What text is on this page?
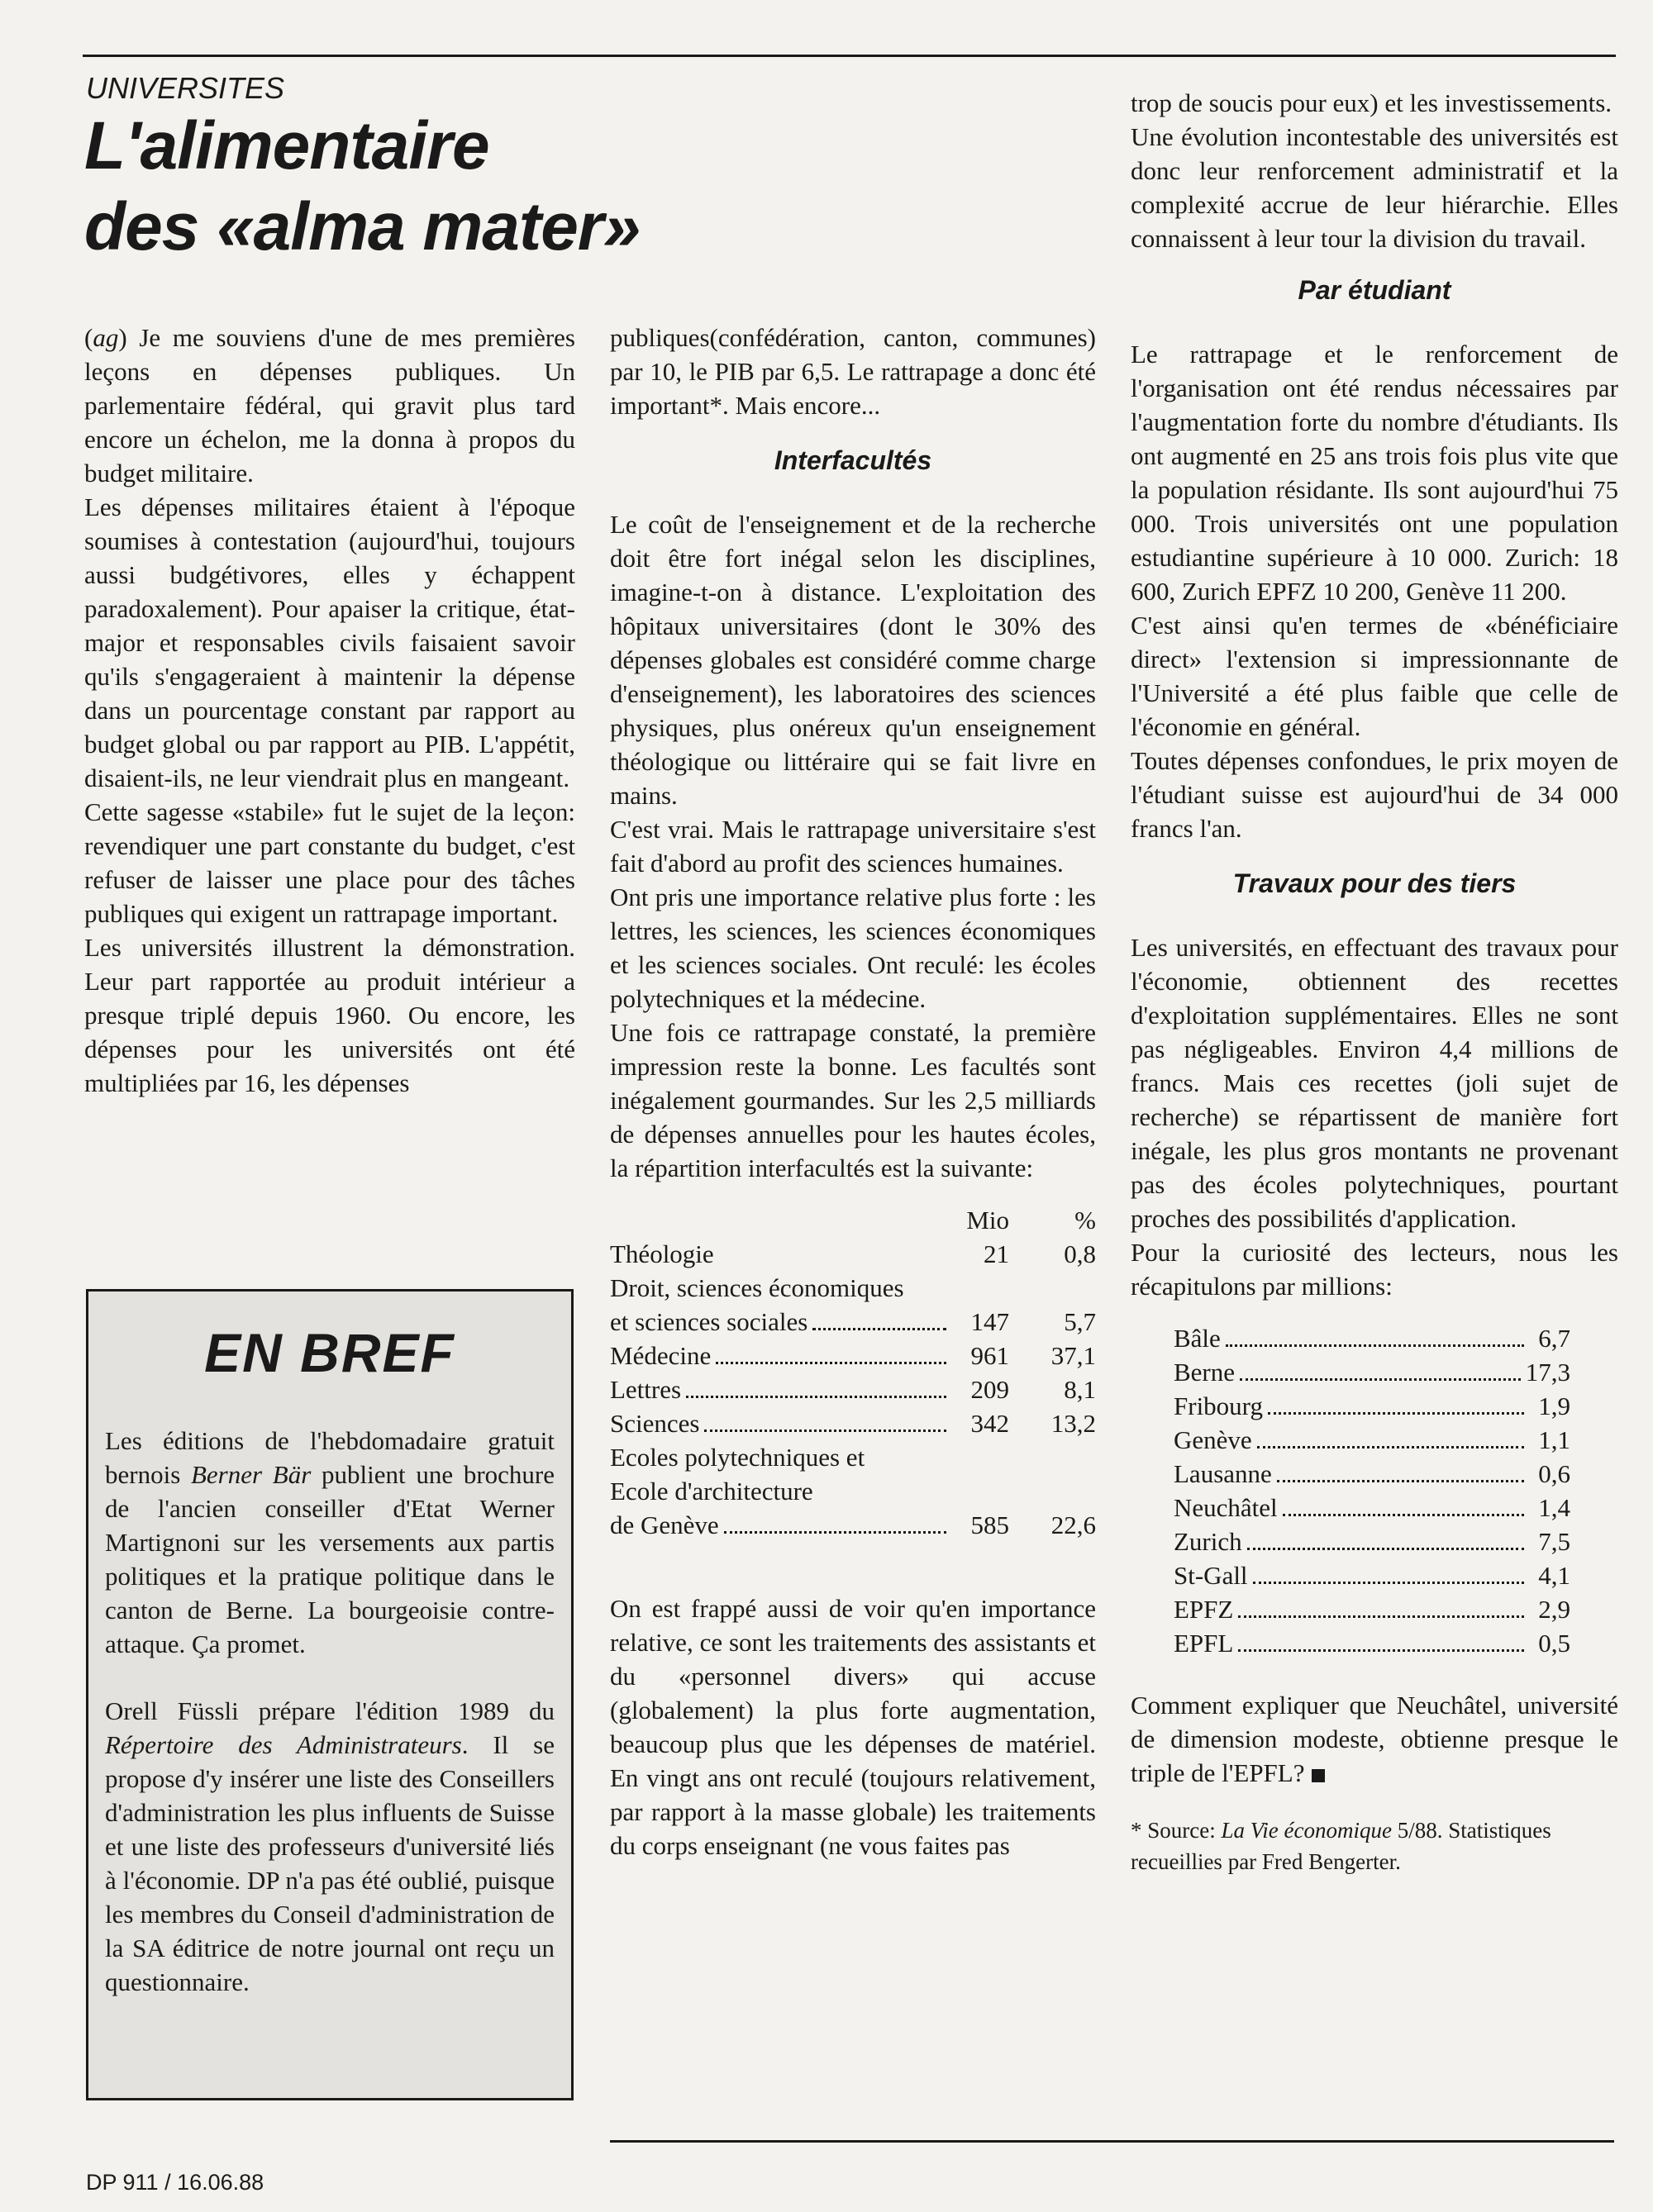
UNIVERSITES
L'alimentaire
des «alma mater»

(ag) Je me souviens d'une de mes premières leçons en dépenses publiques. Un parlementaire fédéral, qui gravit plus tard encore un échelon, me la donna à propos du budget militaire.

Les dépenses militaires étaient à l'époque soumises à contestation (aujourd'hui, toujours aussi budgétivores, elles y échappent paradoxalement). Pour apaiser la critique, état-major et responsables civils faisaient savoir qu'ils s'engageraient à maintenir la dépense dans un pourcentage constant par rapport au budget global ou par rapport au PIB. L'appétit, disaient-ils, ne leur viendrait plus en mangeant.

Cette sagesse «stabile» fut le sujet de la leçon: revendiquer une part constante du budget, c'est refuser de laisser une place pour des tâches publiques qui exigent un rattrapage important.

Les universités illustrent la démonstration. Leur part rapportée au produit intérieur a presque triplé depuis 1960. Ou encore, les dépenses pour les universités ont été multipliées par 16, les dépenses

EN BREF

Les éditions de l'hebdomadaire gratuit bernois Berner Bär publient une brochure de l'ancien conseiller d'Etat Werner Martignoni sur les versements aux partis politiques et la pratique politique dans le canton de Berne. La bourgeoisie contre-attaque. Ça promet.

Orell Füssli prépare l'édition 1989 du Répertoire des Administrateurs. Il se propose d'y insérer une liste des Conseillers d'administration les plus influents de Suisse et une liste des professeurs d'université liés à l'économie. DP n'a pas été oublié, puisque les membres du Conseil d'administration de la SA éditrice de notre journal ont reçu un questionnaire.

publiques(confédération, canton, communes) par 10, le PIB par 6,5. Le rattrapage a donc été important*. Mais encore...

Interfacultés

Le coût de l'enseignement et de la recherche doit être fort inégal selon les disciplines, imagine-t-on à distance. L'exploitation des hôpitaux universitaires (dont le 30% des dépenses globales est considéré comme charge d'enseignement), les laboratoires des sciences physiques, plus onéreux qu'un enseignement théologique ou littéraire qui se fait livre en mains.

C'est vrai. Mais le rattrapage universitaire s'est fait d'abord au profit des sciences humaines.

Ont pris une importance relative plus forte : les lettres, les sciences, les sciences économiques et les sciences sociales. Ont reculé: les écoles polytechniques et la médecine.

Une fois ce rattrapage constaté, la première impression reste la bonne. Les facultés sont inégalement gourmandes. Sur les 2,5 milliards de dépenses annuelles pour les hautes écoles, la répartition interfacultés est la suivante:

Mio	%
Théologie	21	0,8
Droit, sciences économiques
et sciences sociales	147	5,7
Médecine	961	37,1
Lettres	209	8,1
Sciences	342	13,2
Ecoles polytechniques et
Ecole d'architecture
de Genève	585	22,6

On est frappé aussi de voir qu'en importance relative, ce sont les traitements des assistants et du «personnel divers» qui accuse (globalement) la plus forte augmentation, beaucoup plus que les dépenses de matériel. En vingt ans ont reculé (toujours relativement, par rapport à la masse globale) les traitements du corps enseignant (ne vous faites pas

trop de soucis pour eux) et les investissements.

Une évolution incontestable des universités est donc leur renforcement administratif et la complexité accrue de leur hiérarchie. Elles connaissent à leur tour la division du travail.

Par étudiant

Le rattrapage et le renforcement de l'organisation ont été rendus nécessaires par l'augmentation forte du nombre d'étudiants. Ils ont augmenté en 25 ans trois fois plus vite que la population résidante. Ils sont aujourd'hui 75 000. Trois universités ont une population estudiantine supérieure à 10 000. Zurich: 18 600, Zurich EPFZ 10 200, Genève 11 200.

C'est ainsi qu'en termes de «bénéficiaire direct» l'extension si impressionnante de l'Université a été plus faible que celle de l'économie en général.

Toutes dépenses confondues, le prix moyen de l'étudiant suisse est aujourd'hui de 34 000 francs l'an.

Travaux pour des tiers

Les universités, en effectuant des travaux pour l'économie, obtiennent des recettes d'exploitation supplémentaires. Elles ne sont pas négligeables. Environ 4,4 millions de francs. Mais ces recettes (joli sujet de recherche) se répartissent de manière fort inégale, les plus gros montants ne provenant pas des écoles polytechniques, pourtant proches des possibilités d'application.

Pour la curiosité des lecteurs, nous les récapitulons par millions:

Bâle	6,7
Berne	17,3
Fribourg	1,9
Genève	1,1
Lausanne	0,6
Neuchâtel	1,4
Zurich	7,5
St-Gall	4,1
EPFZ	2,9
EPFL	0,5

Comment expliquer que Neuchâtel, université de dimension modeste, obtienne presque le triple de l'EPFL?

* Source: La Vie économique 5/88. Statistiques recueillies par Fred Bengerter.
DP 911 / 16.06.88
